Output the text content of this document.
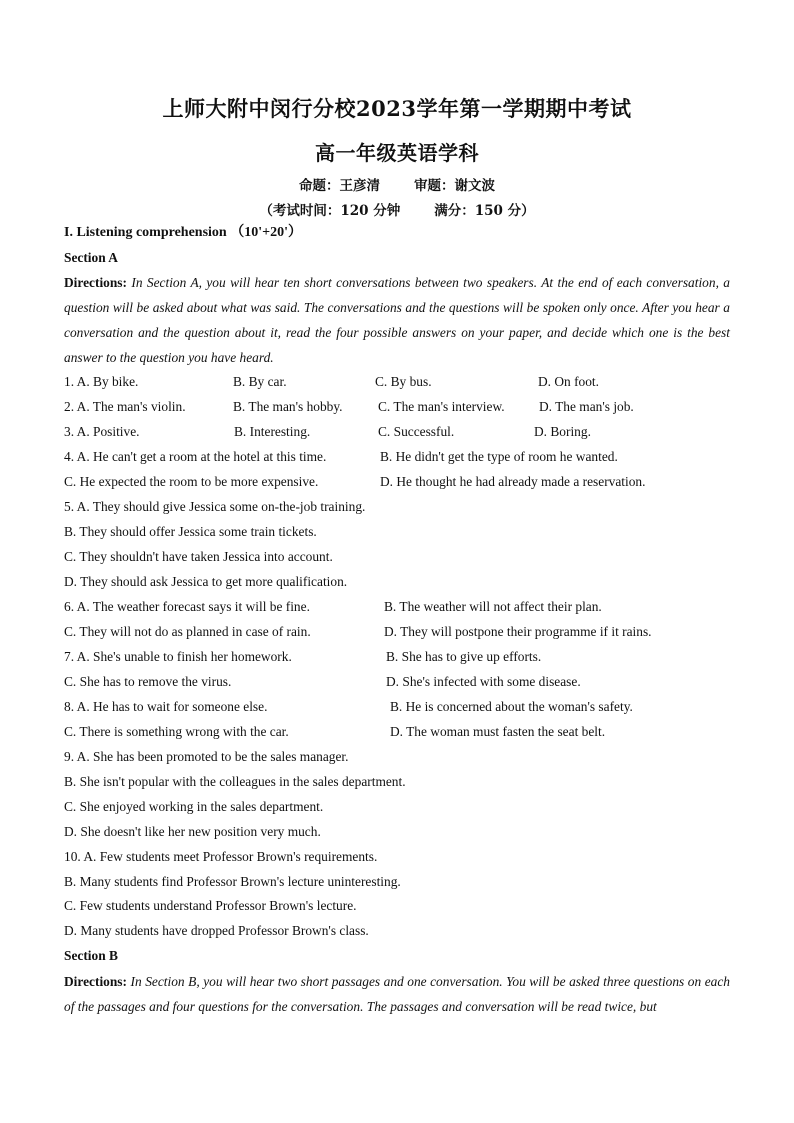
上师大附中闵行分校2023学年第一学期期中考试
高一年级英语学科
命题：王彦清	审题：谢文波
（考试时间：120 分钟	满分：150 分）
I. Listening comprehension （10'+20'）
Section A
Directions: In Section A, you will hear ten short conversations between two speakers. At the end of each conversation, a question will be asked about what was said. The conversations and the questions will be spoken only once. After you hear a conversation and the question about it, read the four possible answers on your paper, and decide which one is the best answer to the question you have heard.
1. A. By bike.	B. By car.	C. By bus.	D. On foot.
2. A. The man's violin.	B. The man's hobby.	C. The man's interview.	D. The man's job.
3. A. Positive.	B. Interesting.	C. Successful.	D. Boring.
4. A. He can't get a room at the hotel at this time.	B. He didn't get the type of room he wanted.
C. He expected the room to be more expensive.	D. He thought he had already made a reservation.
5. A. They should give Jessica some on-the-job training.
B. They should offer Jessica some train tickets.
C. They shouldn't have taken Jessica into account.
D. They should ask Jessica to get more qualification.
6. A. The weather forecast says it will be fine.	B. The weather will not affect their plan.
C. They will not do as planned in case of rain.	D. They will postpone their programme if it rains.
7. A. She's unable to finish her homework.	B. She has to give up efforts.
C. She has to remove the virus.	D. She's infected with some disease.
8. A. He has to wait for someone else.	B. He is concerned about the woman's safety.
C. There is something wrong with the car.	D. The woman must fasten the seat belt.
9. A. She has been promoted to be the sales manager.
B. She isn't popular with the colleagues in the sales department.
C. She enjoyed working in the sales department.
D. She doesn't like her new position very much.
10. A. Few students meet Professor Brown's requirements.
B. Many students find Professor Brown's lecture uninteresting.
C. Few students understand Professor Brown's lecture.
D. Many students have dropped Professor Brown's class.
Section B
Directions: In Section B, you will hear two short passages and one conversation. You will be asked three questions on each of the passages and four questions for the conversation. The passages and conversation will be read twice, but
